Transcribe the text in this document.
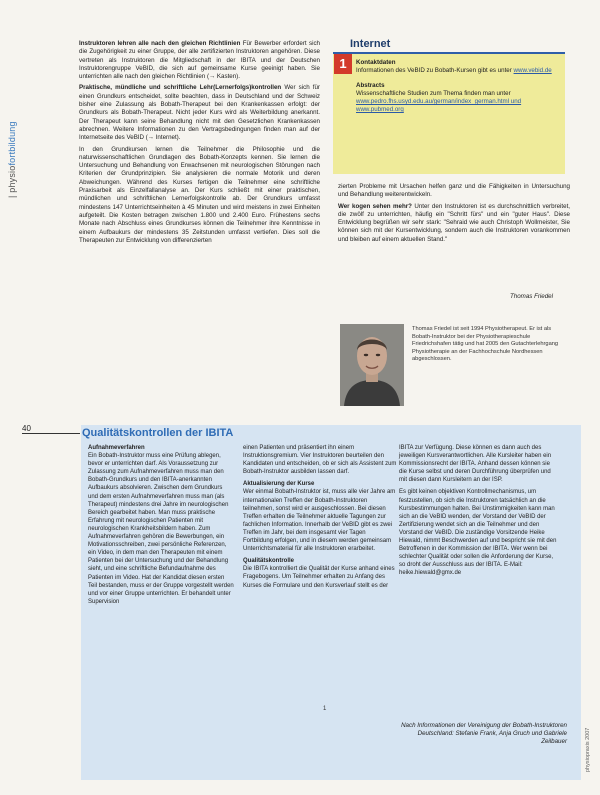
| physiofortbildung

Instruktoren lehren alle nach den gleichen Richtlinien Für Bewerber erfordert sich die Zugehörigkeit zu einer Gruppe, der alle zertifizierten Instruktoren angehören. Diese vertreten als Instruktoren die Mitgliedschaft in der IBITA und der Deutschen Instruktorengruppe VeBID, die sich auf gemeinsame Kurse geeinigt haben. Sie unterrichten alle nach den gleichen Richtlinien (→ Kasten).

Praktische, mündliche und schriftliche Lehr(Lernerfolgs)kontrollen Wer sich für einen Grundkurs entscheidet, sollte beachten, dass in Deutschland und der Schweiz bisher eine Zulassung als Bobath-Therapeut bei den Krankenkassen erfolgt: der Grundkurs als Bobath-Therapeut. Nicht jeder Kurs wird als Weiterbildung anerkannt. Der Therapeut kann seine Behandlung nicht mit den Gesetzlichen Krankenkassen abrechnen. Weitere Informationen zu den Vertragsbedingungen finden man auf der Internetseite des VeBID (→ Internet).

In den Grundkursen lernen die Teilnehmer die Philosophie und die naturwissenschaftlichen Grundlagen des Bobath-Konzepts kennen. Sie lernen die Untersuchung und Behandlung von Erwachsenen mit neurologischen Störungen nach Kriterien der Grundprinzipien. Sie analysieren die normale Motorik und deren Abweichungen. Während des Kurses fertigen die Teilnehmer eine schriftliche Praxisarbeit als Einzelfallanalyse an. Der Kurs schließt mit einer praktischen, mündlichen und schriftlichen Lernerfolgskontrolle ab. Der Grundkurs umfasst mindestens 147 Unterrichtseinheiten à 45 Minuten und wird meistens in zwei Einheiten aufgeteilt. Die Kosten betragen zwischen 1.800 und 2.400 Euro. Frühestens sechs Monate nach Abschluss eines Grundkurses können die Teilnehmer ihre Kenntnisse in einem Aufbaukurs der mindestens 35 Zeitstunden umfasst vertiefen. Dies soll die Therapeuten zur Entwicklung von differenzierten

Internet
1	Kontaktdaten
Informationen des VeBID zu Bobath-Kursen gibt es unter www.vebid.de
Abstracts
Wissenschaftliche Studien zum Thema finden man unter www.pedro.fhs.usyd.edu.au/german/index_german.html und www.pubmed.org

zierten Probleme mit Ursachen helfen ganz und die Fähigkeiten in Untersuchung und Behandlung weiterentwickeln.

Wer kogen sehen mehr? Unter den Instruktoren ist es durchschnittlich verbreitet, die zwölf zu unterrichten, häufig ein "Schritt fürs" und ein "guter Haus". Diese Entwicklung begrüßen wir sehr stark: "Sehraid wie auch Christoph Wollmeister, Sie können sich mit der Kursentwicklung, sondern auch die Instruktoren vorankommen und bleiben auf einem aktuellen Stand."

Thomas Friedel
Thomas Friedel ist seit 1994 Physiotherapeut. Er ist als Bobath-Instruktor bei der Physiotherapieschule Friedrichshafen tätig und hat 2005 den Gutachterlehrgang Physiotherapie an der Fachhochschule Nordhessen abgeschlossen.
40	Qualitätskontrollen der IBITA

Aufnahmeverfahren
Ein Bobath-Instruktor muss eine Prüfung ablegen, bevor er unterrichten darf. Als Voraussetzung zur Zulassung zum Aufnahmeverfahren muss man den Bobath-Grundkurs und den IBITA-anerkannten Aufbaukurs absolvieren. Zwischen dem Grundkurs und dem ersten Aufnahmeverfahren muss man (als Therapeut) mindestens drei Jahre im neurologischen Bereich gearbeitet haben. Man muss praktische Erfahrung mit neurologischen Patienten mit neurologischen Krankheitsbildern haben. Zum Aufnahmeverfahren gehören die Bewerbungen, ein Motivationsschreiben, zwei persönliche Referenzen, ein Video, in dem man den Therapeuten mit einem Patienten bei der Untersuchung und der Behandlung sieht, und eine schriftliche Befundaufnahme des Patienten im Video. Hat der Kandidat diesen ersten Teil bestanden, muss er der Gruppe vorgestellt werden und vor einer Gruppe unterrichten. Er behandelt unter Supervision

einen Patienten und präsentiert ihn einem Instruktionsgremium. Vier Instruktoren beurteilen den Kandidaten und entscheiden, ob er sich als Assistent zum Bobath-Instruktor ausbilden lassen darf.

Aktualisierung der Kurse
Wer einmal Bobath-Instruktor ist, muss alle vier Jahre am internationalen Treffen der Bobath-Instruktoren teilnehmen, sonst wird er ausgeschlossen. Bei diesen Treffen erhalten die Teilnehmer aktuelle Tagungen zur fachlichen Information. Innerhalb der VeBID gibt es zwei Treffen im Jahr, bei dem insgesamt vier Tagen Fortbildung erfolgen, und in diesem werden gemeinsam Unterrichtsmaterial für alle Instruktoren erarbeitet.

Qualitätskontrolle
Die IBITA kontrolliert die Qualität der Kurse anhand eines Fragebogens. Um Teilnehmer erhalten zu Anfang des Kurses die Formulare und den Kursverlauf stellt es der

IBITA zur Verfügung. Diese können es dann auch des jeweiligen Kursverantwortlichen. Alle Kursleiter haben ein Kommissionsrecht der IBITA. Anhand dessen können sie die Kurse selbst und deren Durchführung überprüfen und mit diesen dann Kursleitern an der ISP.

Es gibt keinen objektiven Kontrollmechanismus, um festzustellen, ob sich die Instruktoren tatsächlich an die Kursbestimmungen halten. Bei Unstimmigkeiten kann man sich an die VeBID wenden, der Vorstand der VeBID der Zertifizierung wendet sich an die Teilnehmer und den Vorstand der VeBID. Die zuständige Vorsitzende Heike Hiewald, nimmt Beschwerden auf und bespricht sie mit den Betroffenen in der Kommission der IBITA. Wer wenn bei schlechter Qualität oder sollen die Anforderung der Kurse, so droht der Ausschluss aus der IBITA. E-Mail: heike.hiewald@gmx.de

1
Nach Informationen der Vereinigung der Bobath-Instruktoren Deutschland: Stefanie Frank, Anja Gruch und Gabriele Zeilbauer	physiopraxis 2007
